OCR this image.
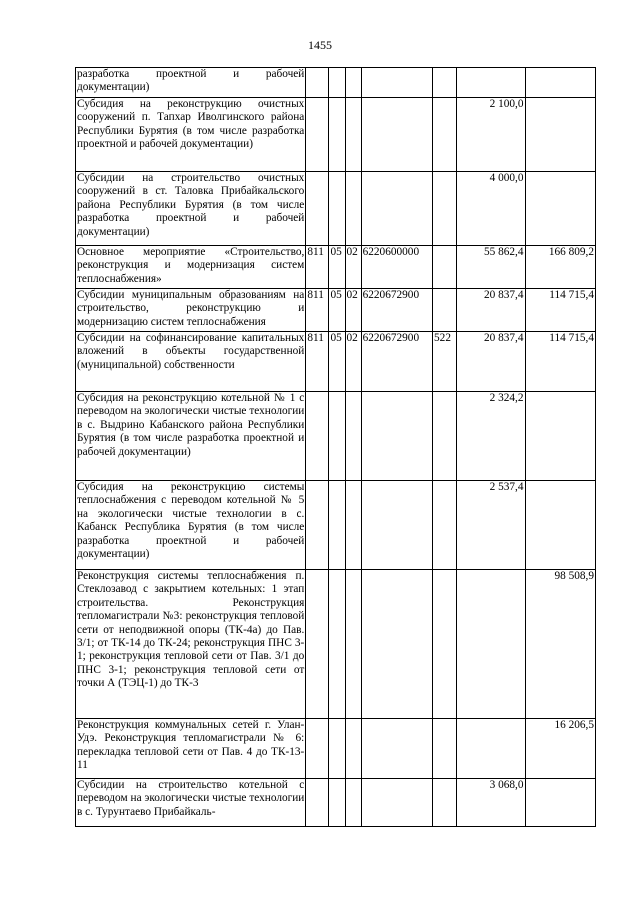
1455
разработка проектной и рабочей документации)							
Субсидия на реконструкцию очистных сооружений п. Тапхар Иволгинского района Республики Бурятия (в том числе разработка проектной и рабочей документации)						2 100,0	
Субсидии на строительство очистных сооружений в ст. Таловка Прибайкальского района Республики Бурятия (в том числе разработка проектной и рабочей документации)						4 000,0	
Основное мероприятие «Строительство, реконструкция и модернизация систем теплоснабжения»	811	05	02	6220600000		55 862,4	166 809,2
Субсидии муниципальным образованиям на строительство, реконструкцию и модернизацию систем теплоснабжения	811	05	02	6220672900		20 837,4	114 715,4
Субсидии на софинансирование капитальных вложений в объекты государственной (муниципальной) собственности	811	05	02	6220672900	522	20 837,4	114 715,4
Субсидия на реконструкцию котельной № 1 с переводом на экологически чистые технологии в с. Выдрино Кабанского района Республики Бурятия (в том числе разработка проектной и рабочей документации)						2 324,2	
Субсидия на реконструкцию системы теплоснабжения с переводом котельной № 5 на экологически чистые технологии в с. Кабанск Республика Бурятия (в том числе разработка проектной и рабочей документации)						2 537,4	
Реконструкция системы теплоснабжения п. Стеклозавод с закрытием котельных: 1 этап строительства. Реконструкция тепломагистрали №3: реконструкция тепловой сети от неподвижной опоры (ТК-4а) до Пав. 3/1; от ТК-14 до ТК-24; реконструкция ПНС 3-1; реконструкция тепловой сети от Пав. 3/1 до ПНС 3-1; реконструкция тепловой сети от точки А (ТЭЦ-1) до ТК-3							98 508,9
Реконструкция коммунальных сетей г. Улан-Удэ. Реконструкция тепломагистрали № 6: перекладка тепловой сети от Пав. 4 до ТК-13-11							16 206,5
Субсидии на строительство котельной с переводом на экологически чистые технологии в с. Турунтаево Прибайкаль-						3 068,0	
